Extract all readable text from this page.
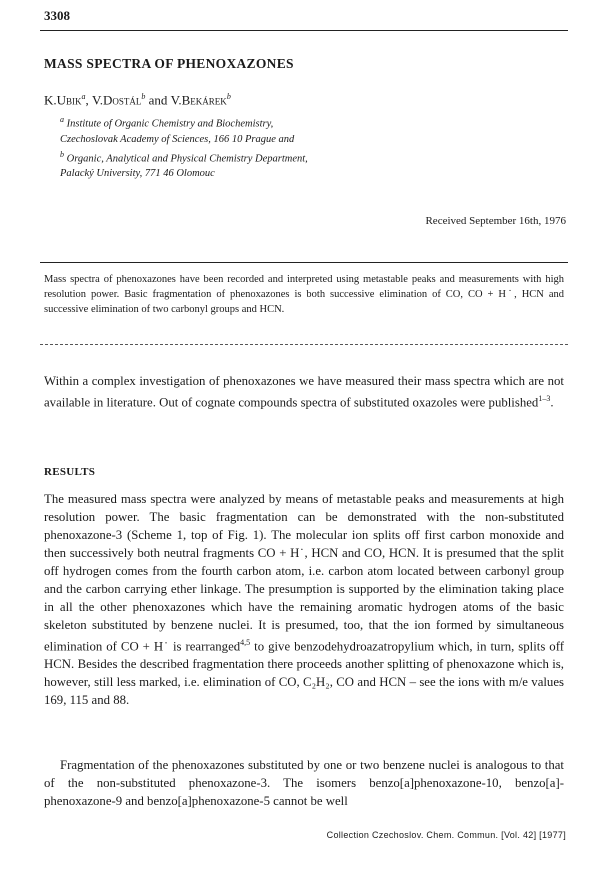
3308
MASS SPECTRA OF PHENOXAZONES
K.Ubik$^a$, V.Dostál$^b$ and V.Bekárek$^b$
$^a$ Institute of Organic Chemistry and Biochemistry,
Czechoslovak Academy of Sciences, 166 10 Prague and
$^b$ Organic, Analytical and Physical Chemistry Department,
Palacký University, 771 46 Olomouc
Received September 16th, 1976
Mass spectra of phenoxazones have been recorded and interpreted using metastable peaks and measurements with high resolution power. Basic fragmentation of phenoxazones is both successive elimination of CO, CO + H˙, HCN and successive elimination of two carbonyl groups and HCN.
Within a complex investigation of phenoxazones we have measured their mass spectra which are not available in literature. Out of cognate compounds spectra of substituted oxazoles were published$^{1-3}$.
RESULTS
The measured mass spectra were analyzed by means of metastable peaks and measurements at high resolution power. The basic fragmentation can be demonstrated with the non-substituted phenoxazone-3 (Scheme 1, top of Fig. 1). The molecular ion splits off first carbon monoxide and then successively both neutral fragments CO + H˙, HCN and CO, HCN. It is presumed that the split off hydrogen comes from the fourth carbon atom, i.e. carbon atom located between carbonyl group and the carbon carrying ether linkage. The presumption is supported by the elimination taking place in all the other phenoxazones which have the remaining aromatic hydrogen atoms of the basic skeleton substituted by benzene nuclei. It is presumed, too, that the ion formed by simultaneous elimination of CO + H˙ is rearranged$^{4,5}$ to give benzodehydroazatropylium which, in turn, splits off HCN. Besides the described fragmentation there proceeds another splitting of phenoxazone which is, however, still less marked, i.e. elimination of CO, C₂H₂, CO and HCN – see the ions with m/e values 169, 115 and 88.
Fragmentation of the phenoxazones substituted by one or two benzene nuclei is analogous to that of the non-substituted phenoxazone-3. The isomers benzo[a]phenoxazone-10, benzo[a]-phenoxazone-9 and benzo[a]phenoxazone-5 cannot be well
Collection Czechoslov. Chem. Commun. [Vol. 42] [1977]
